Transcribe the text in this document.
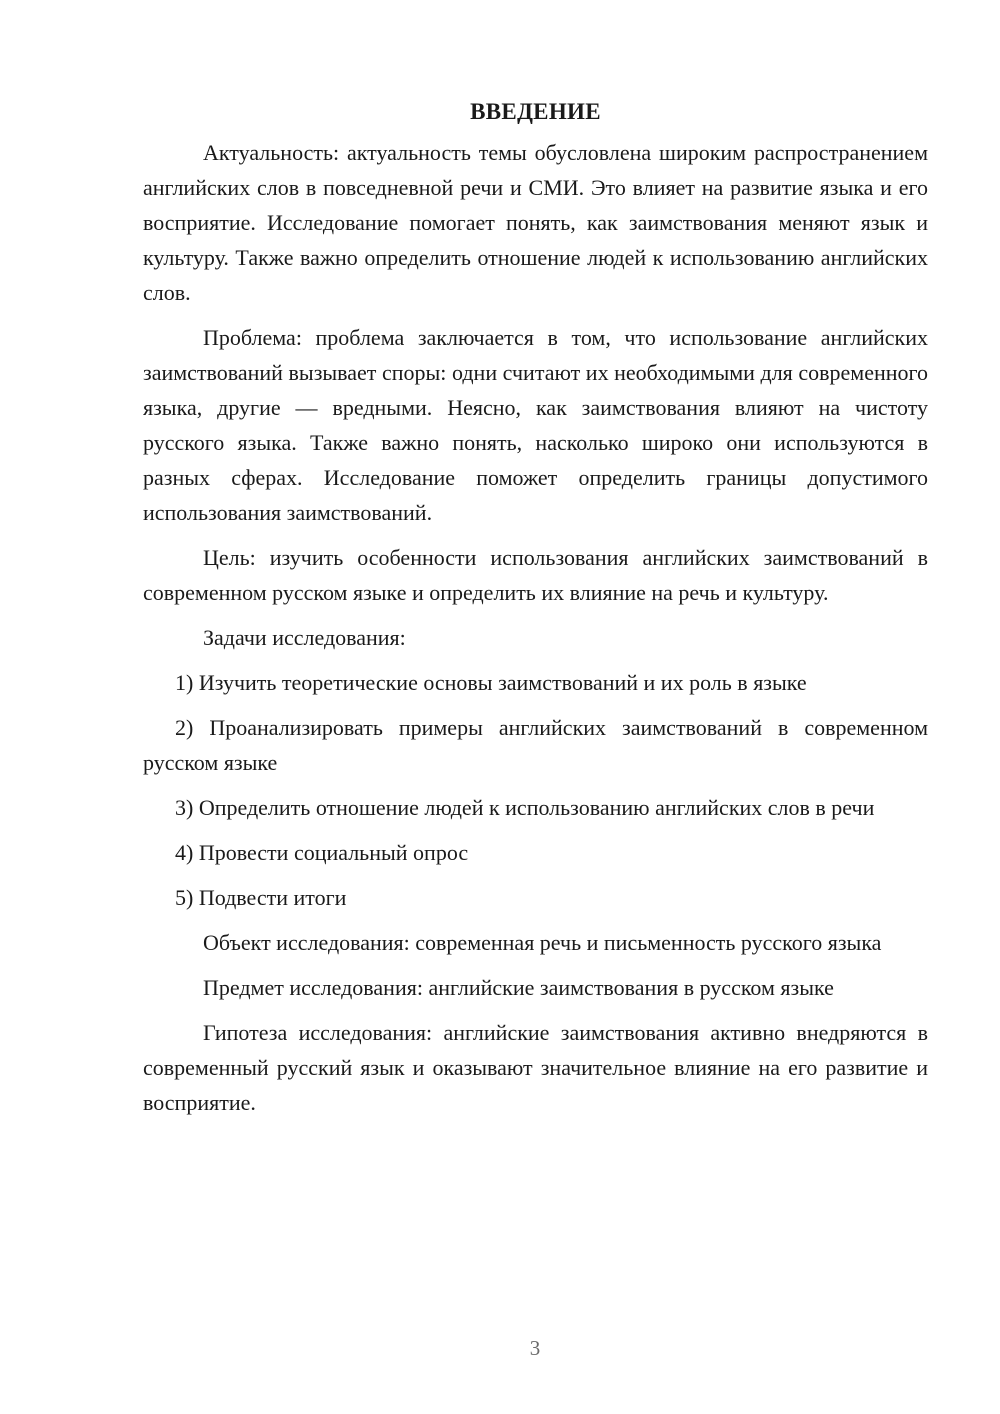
ВВЕДЕНИЕ

Актуальность: актуальность темы обусловлена широким распространением английских слов в повседневной речи и СМИ. Это влияет на развитие языка и его восприятие. Исследование помогает понять, как заимствования меняют язык и культуру. Также важно определить отношение людей к использованию английских слов.

Проблема: проблема заключается в том, что использование английских заимствований вызывает споры: одни считают их необходимыми для современного языка, другие — вредными. Неясно, как заимствования влияют на чистоту русского языка. Также важно понять, насколько широко они используются в разных сферах. Исследование поможет определить границы допустимого использования заимствований.

Цель: изучить особенности использования английских заимствований в современном русском языке и определить их влияние на речь и культуру.

Задачи исследования:

1) Изучить теоретические основы заимствований и их роль в языке

2) Проанализировать примеры английских заимствований в современном русском языке

3) Определить отношение людей к использованию английских слов в речи

4) Провести социальный опрос

5) Подвести итоги

Объект исследования: современная речь и письменность русского языка

Предмет исследования: английские заимствования в русском языке

Гипотеза исследования: английские заимствования активно внедряются в современный русский язык и оказывают значительное влияние на его развитие и восприятие.

3
